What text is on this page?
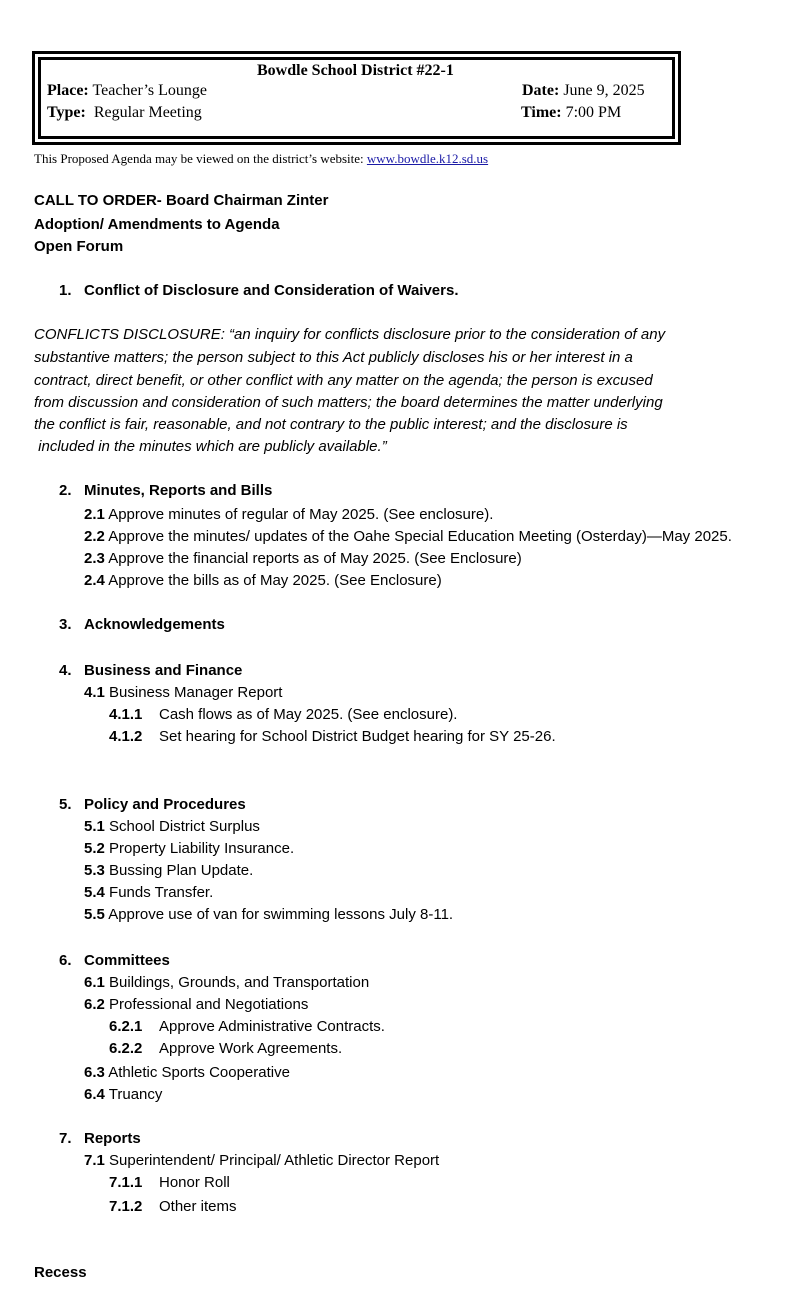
Bowdle School District #22-1
Place: Teacher’s Lounge
Type: Regular Meeting
Date: June 9, 2025
Time: 7:00 PM
This Proposed Agenda may be viewed on the district’s website: www.bowdle.k12.sd.us
CALL TO ORDER- Board Chairman Zinter
Adoption/ Amendments to Agenda
Open Forum
1. Conflict of Disclosure and Consideration of Waivers.
CONFLICTS DISCLOSURE: “an inquiry for conflicts disclosure prior to the consideration of any
substantive matters; the person subject to this Act publicly discloses his or her interest in a
contract, direct benefit, or other conflict with any matter on the agenda; the person is excused
from discussion and consideration of such matters; the board determines the matter underlying
the conflict is fair, reasonable, and not contrary to the public interest; and the disclosure is
included in the minutes which are publicly available.”
2. Minutes, Reports and Bills
2.1 Approve minutes of regular of May 2025. (See enclosure).
2.2 Approve the minutes/ updates of the Oahe Special Education Meeting (Osterday)—May 2025.
2.3 Approve the financial reports as of May 2025. (See Enclosure)
2.4 Approve the bills as of May 2025. (See Enclosure)
3. Acknowledgements
4. Business and Finance
4.1 Business Manager Report
4.1.1 Cash flows as of May 2025. (See enclosure).
4.1.2 Set hearing for School District Budget hearing for SY 25-26.
5. Policy and Procedures
5.1 School District Surplus
5.2 Property Liability Insurance.
5.3 Bussing Plan Update.
5.4 Funds Transfer.
5.5 Approve use of van for swimming lessons July 8-11.
6. Committees
6.1 Buildings, Grounds, and Transportation
6.2 Professional and Negotiations
6.2.1 Approve Administrative Contracts.
6.2.2 Approve Work Agreements.
6.3 Athletic Sports Cooperative
6.4 Truancy
7. Reports
7.1 Superintendent/ Principal/ Athletic Director Report
7.1.1 Honor Roll
7.1.2 Other items
Recess
